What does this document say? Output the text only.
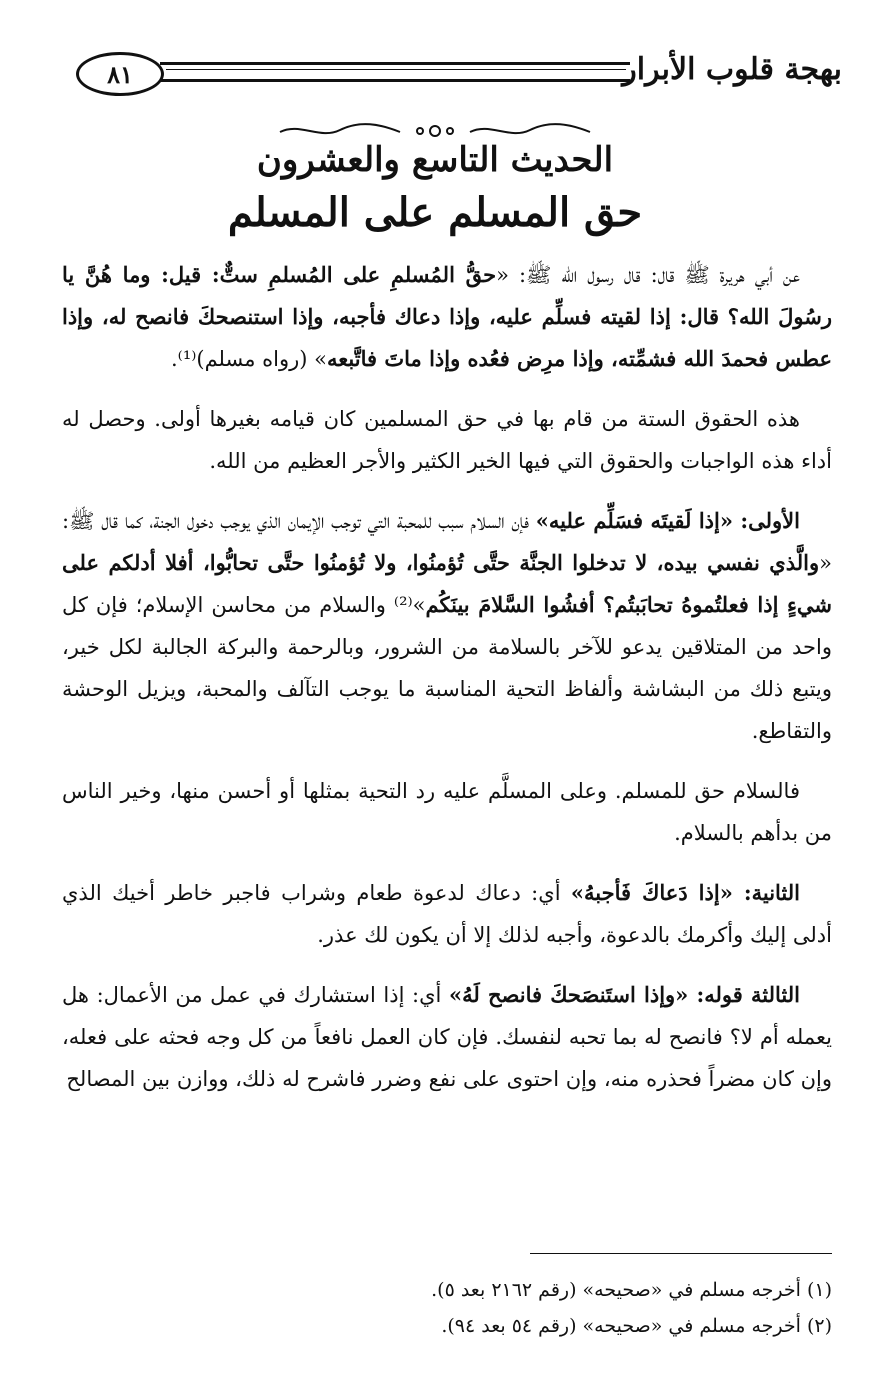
٨١	بهجة قلوب الأبرار
الحديث التاسع والعشرون
حق المسلم على المسلم

عن أبي هريرة ﷺ قال: قال رسول الله ﷺ: «حقُّ المُسلمِ على المُسلمِ ستٌّ: قيل: وما هُنَّ يا رسُولَ الله؟ قال: إذا لقيته فسلِّم عليه، وإذا دعاك فأجبه، وإذا استنصحكَ فانصح له، وإذا عطس فحمدَ الله فشمِّته، وإذا مرِض فعُده وإذا ماتَ فاتَّبعه» (رواه مسلم)⁽¹⁾.

هذه الحقوق الستة من قام بها في حق المسلمين كان قيامه بغيرها أولى. وحصل له أداء هذه الواجبات والحقوق التي فيها الخير الكثير والأجر العظيم من الله.

الأولى: «إذا لَقيتَه فسَلِّم عليه» فإن السلام سبب للمحبة التي توجب الإيمان الذي يوجب دخول الجنة، كما قال ﷺ: «والَّذي نفسي بيده، لا تدخلوا الجنَّة حتَّى تُؤمنُوا، ولا تُؤمنُوا حتَّى تحابُّوا، أفلا أدلكم على شيءٍ إذا فعلتُموهُ تحابَبتُم؟ أفشُوا السَّلامَ بينَكُم»⁽²⁾ والسلام من محاسن الإسلام؛ فإن كل واحد من المتلاقين يدعو للآخر بالسلامة من الشرور، وبالرحمة والبركة الجالبة لكل خير، ويتبع ذلك من البشاشة وألفاظ التحية المناسبة ما يوجب التآلف والمحبة، ويزيل الوحشة والتقاطع.

فالسلام حق للمسلم. وعلى المسلَّم عليه رد التحية بمثلها أو أحسن منها، وخير الناس من بدأهم بالسلام.

الثانية: «إذا دَعاكَ فَأجبهُ» أي: دعاك لدعوة طعام وشراب فاجبر خاطر أخيك الذي أدلى إليك وأكرمك بالدعوة، وأجبه لذلك إلا أن يكون لك عذر.

الثالثة قوله: «وإذا استَنصَحكَ فانصح لَهُ» أي: إذا استشارك في عمل من الأعمال: هل يعمله أم لا؟ فانصح له بما تحبه لنفسك. فإن كان العمل نافعاً من كل وجه فحثه على فعله، وإن كان مضراً فحذره منه، وإن احتوى على نفع وضرر فاشرح له ذلك، ووازن بين المصالح

(١) أخرجه مسلم في «صحيحه» (رقم ٢١٦٢ بعد ٥).
(٢) أخرجه مسلم في «صحيحه» (رقم ٥٤ بعد ٩٤).
